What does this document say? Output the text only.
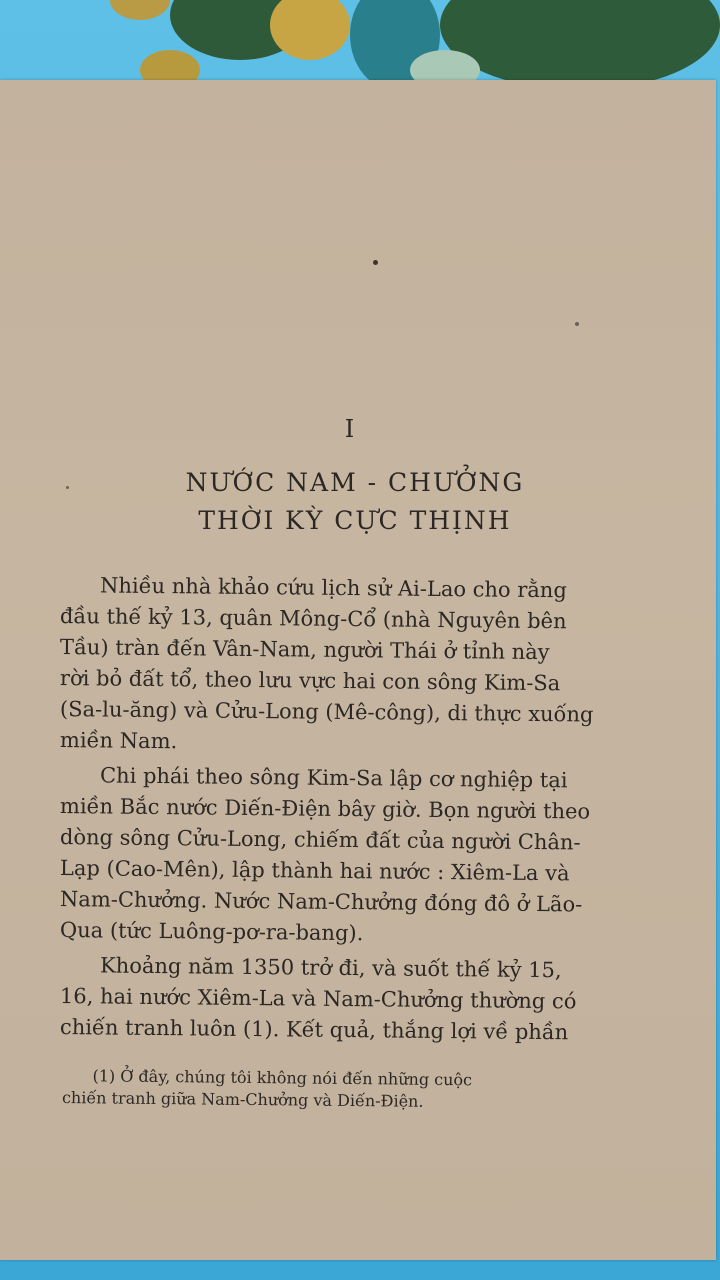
I
NƯỚC NAM - CHƯỞNG
THỜI KỲ CỰC THỊNH
Nhiều nhà khảo cứu lịch sử Ai-Lao cho rằng
đầu thế kỷ 13, quân Mông-Cổ (nhà Nguyên bên
Tầu) tràn đến Vân-Nam, người Thái ở tỉnh này
rời bỏ đất tổ, theo lưu vực hai con sông Kim-Sa
(Sa-lu-ăng) và Cửu-Long (Mê-công), di thực xuống
miền Nam.
Chi phái theo sông Kim-Sa lập cơ nghiệp tại
miền Bắc nước Diến-Điện bây giờ. Bọn người theo
dòng sông Cửu-Long, chiếm đất của người Chân-
Lạp (Cao-Mên), lập thành hai nước : Xiêm-La và
Nam-Chưởng. Nước Nam-Chưởng đóng đô ở Lão-
Qua (tức Luông-pơ-ra-bang).
Khoảng năm 1350 trở đi, và suốt thế kỷ 15,
16, hai nước Xiêm-La và Nam-Chưởng thường có
chiến tranh luôn (1). Kết quả, thắng lợi về phần
(1) Ở đây, chúng tôi không nói đến những cuộc
chiến tranh giữa Nam-Chưởng và Diến-Điện.
